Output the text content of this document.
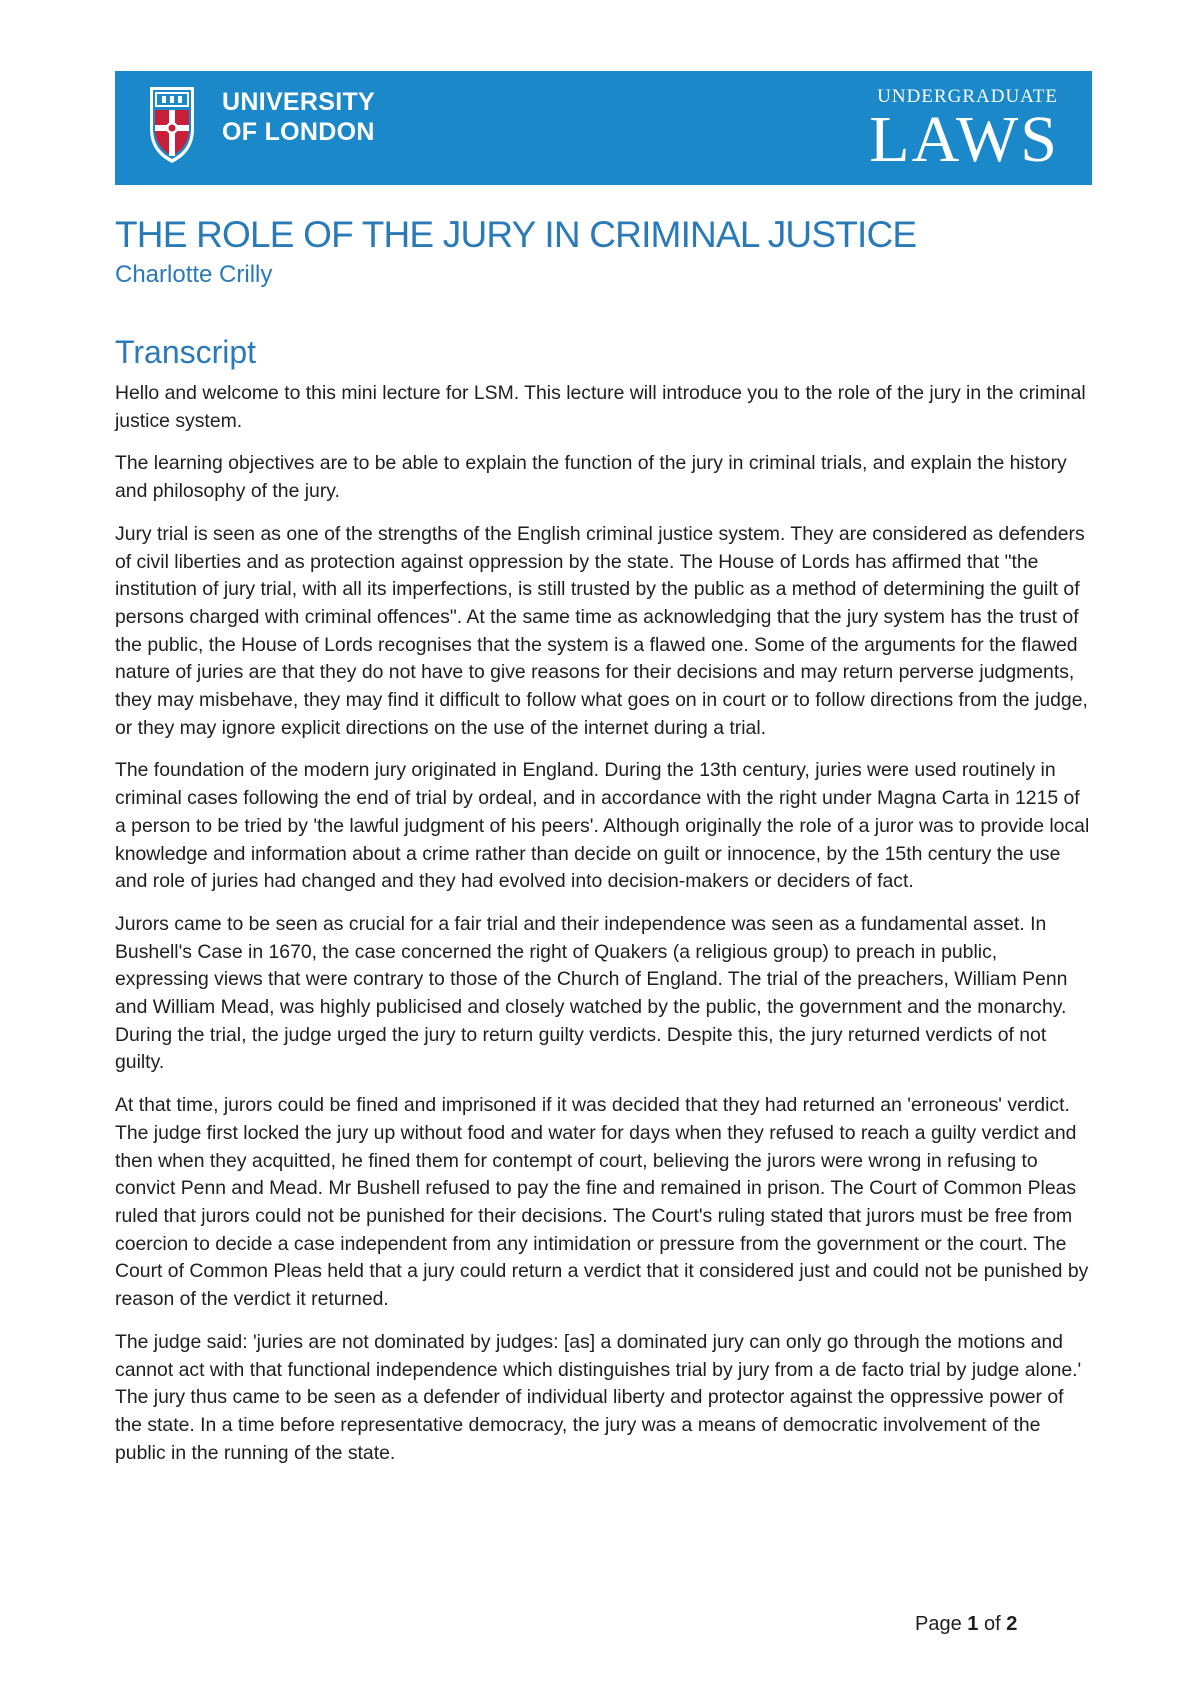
UNIVERSITY
OF LONDON
UNDERGRADUATE
LAWS
THE ROLE OF THE JURY IN CRIMINAL JUSTICE
Charlotte Crilly
Transcript

Hello and welcome to this mini lecture for LSM. This lecture will introduce you to the role of the jury in the criminal justice system.

The learning objectives are to be able to explain the function of the jury in criminal trials, and explain the history and philosophy of the jury.

Jury trial is seen as one of the strengths of the English criminal justice system. They are considered as defenders of civil liberties and as protection against oppression by the state. The House of Lords has affirmed that "the institution of jury trial, with all its imperfections, is still trusted by the public as a method of determining the guilt of persons charged with criminal offences". At the same time as acknowledging that the jury system has the trust of the public, the House of Lords recognises that the system is a flawed one. Some of the arguments for the flawed nature of juries are that they do not have to give reasons for their decisions and may return perverse judgments, they may misbehave, they may find it difficult to follow what goes on in court or to follow directions from the judge, or they may ignore explicit directions on the use of the internet during a trial.

The foundation of the modern jury originated in England. During the 13th century, juries were used routinely in criminal cases following the end of trial by ordeal, and in accordance with the right under Magna Carta in 1215 of a person to be tried by 'the lawful judgment of his peers'. Although originally the role of a juror was to provide local knowledge and information about a crime rather than decide on guilt or innocence, by the 15th century the use and role of juries had changed and they had evolved into decision-makers or deciders of fact.

Jurors came to be seen as crucial for a fair trial and their independence was seen as a fundamental asset. In Bushell's Case in 1670, the case concerned the right of Quakers (a religious group) to preach in public, expressing views that were contrary to those of the Church of England. The trial of the preachers, William Penn and William Mead, was highly publicised and closely watched by the public, the government and the monarchy. During the trial, the judge urged the jury to return guilty verdicts. Despite this, the jury returned verdicts of not guilty.

At that time, jurors could be fined and imprisoned if it was decided that they had returned an 'erroneous' verdict. The judge first locked the jury up without food and water for days when they refused to reach a guilty verdict and then when they acquitted, he fined them for contempt of court, believing the jurors were wrong in refusing to convict Penn and Mead. Mr Bushell refused to pay the fine and remained in prison. The Court of Common Pleas ruled that jurors could not be punished for their decisions. The Court's ruling stated that jurors must be free from coercion to decide a case independent from any intimidation or pressure from the government or the court. The Court of Common Pleas held that a jury could return a verdict that it considered just and could not be punished by reason of the verdict it returned.

The judge said: 'juries are not dominated by judges: [as] a dominated jury can only go through the motions and cannot act with that functional independence which distinguishes trial by jury from a de facto trial by judge alone.' The jury thus came to be seen as a defender of individual liberty and protector against the oppressive power of the state. In a time before representative democracy, the jury was a means of democratic involvement of the public in the running of the state.

Page 1 of 2
